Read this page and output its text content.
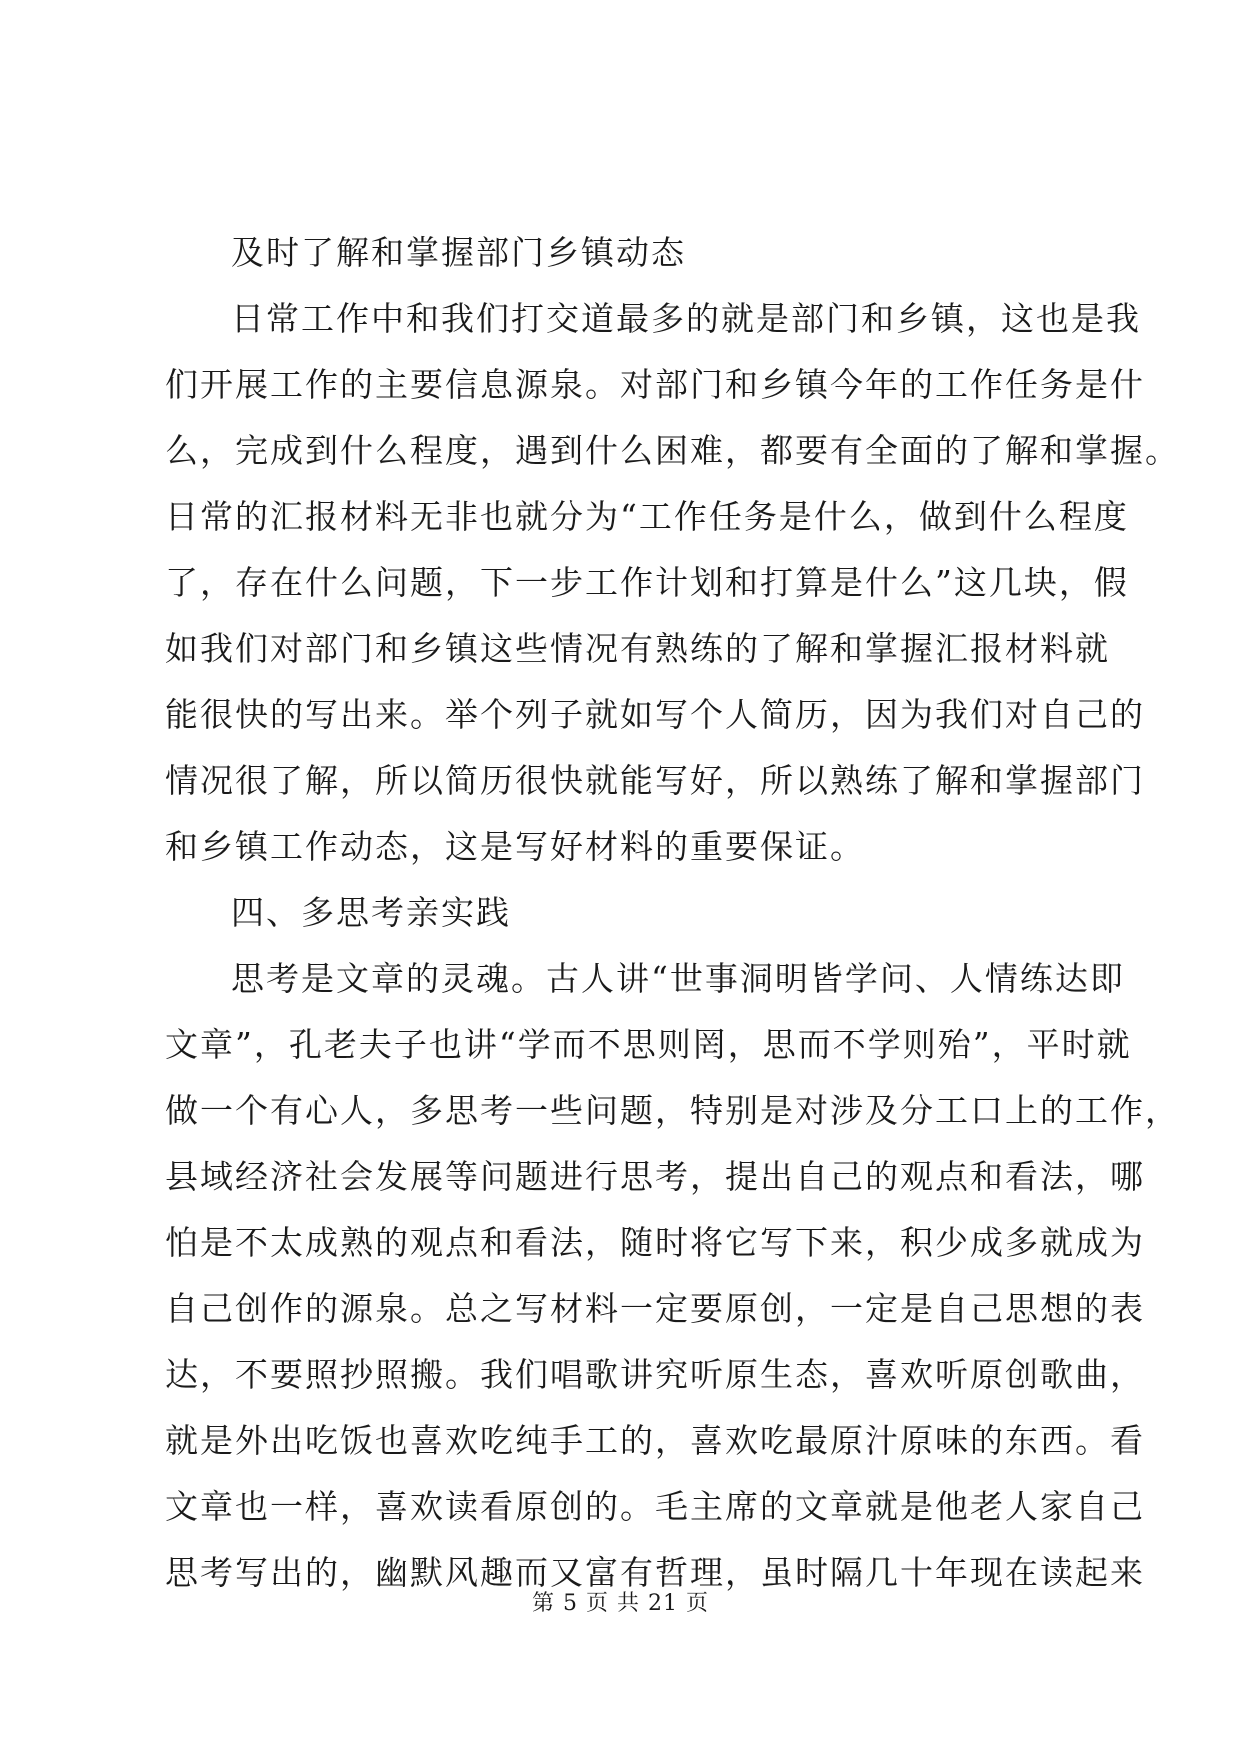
及时了解和掌握部门乡镇动态
日常工作中和我们打交道最多的就是部门和乡镇，这也是我
们开展工作的主要信息源泉。对部门和乡镇今年的工作任务是什
么，完成到什么程度，遇到什么困难，都要有全面的了解和掌握。
日常的汇报材料无非也就分为“工作任务是什么，做到什么程度
了，存在什么问题，下一步工作计划和打算是什么”这几块，假
如我们对部门和乡镇这些情况有熟练的了解和掌握汇报材料就
能很快的写出来。举个列子就如写个人简历，因为我们对自己的
情况很了解，所以简历很快就能写好，所以熟练了解和掌握部门
和乡镇工作动态，这是写好材料的重要保证。
四、多思考亲实践
思考是文章的灵魂。古人讲“世事洞明皆学问、人情练达即
文章”，孔老夫子也讲“学而不思则罔，思而不学则殆”，平时就
做一个有心人，多思考一些问题，特别是对涉及分工口上的工作，
县域经济社会发展等问题进行思考，提出自己的观点和看法，哪
怕是不太成熟的观点和看法，随时将它写下来，积少成多就成为
自己创作的源泉。总之写材料一定要原创，一定是自己思想的表
达，不要照抄照搬。我们唱歌讲究听原生态，喜欢听原创歌曲，
就是外出吃饭也喜欢吃纯手工的，喜欢吃最原汁原味的东西。看
文章也一样，喜欢读看原创的。毛主席的文章就是他老人家自己
思考写出的，幽默风趣而又富有哲理，虽时隔几十年现在读起来
第 5 页 共 21 页
